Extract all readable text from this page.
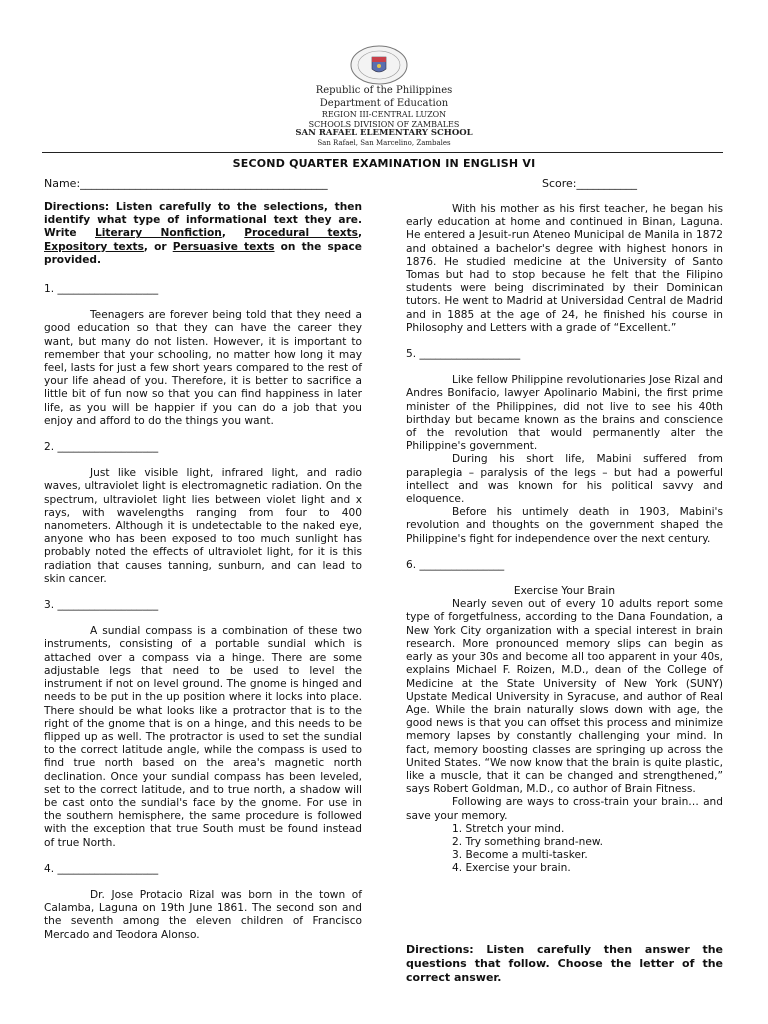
Republic of the Philippines
Department of Education
REGION III-CENTRAL LUZON
SCHOOLS DIVISION OF ZAMBALES
SAN RAFAEL ELEMENTARY SCHOOL
San Rafael, San Marcelino, Zambales
SECOND QUARTER EXAMINATION IN ENGLISH VI
Name:_____________________________________________	Score:___________

Directions: Listen carefully to the selections, then identify what type of informational text they are. Write Literary Nonfiction, Procedural texts, Expository texts, or Persuasive texts on the space provided.

1. ___________________

Teenagers are forever being told that they need a good education so that they can have the career they want, but many do not listen. However, it is important to remember that your schooling, no matter how long it may feel, lasts for just a few short years compared to the rest of your life ahead of you. Therefore, it is better to sacrifice a little bit of fun now so that you can find happiness in later life, as you will be happier if you can do a job that you enjoy and afford to do the things you want.

2. ___________________

Just like visible light, infrared light, and radio waves, ultraviolet light is electromagnetic radiation. On the spectrum, ultraviolet light lies between violet light and x rays, with wavelengths ranging from four to 400 nanometers. Although it is undetectable to the naked eye, anyone who has been exposed to too much sunlight has probably noted the effects of ultraviolet light, for it is this radiation that causes tanning, sunburn, and can lead to skin cancer.

3. ___________________

A sundial compass is a combination of these two instruments, consisting of a portable sundial which is attached over a compass via a hinge. There are some adjustable legs that need to be used to level the instrument if not on level ground. The gnome is hinged and needs to be put in the up position where it locks into place. There should be what looks like a protractor that is to the right of the gnome that is on a hinge, and this needs to be flipped up as well. The protractor is used to set the sundial to the correct latitude angle, while the compass is used to find true north based on the area's magnetic north declination. Once your sundial compass has been leveled, set to the correct latitude, and to true north, a shadow will be cast onto the sundial's face by the gnome. For use in the southern hemisphere, the same procedure is followed with the exception that true South must be found instead of true North.

4. ___________________

Dr. Jose Protacio Rizal was born in the town of Calamba, Laguna on 19th June 1861. The second son and the seventh among the eleven children of Francisco Mercado and Teodora Alonso.

With his mother as his first teacher, he began his early education at home and continued in Binan, Laguna. He entered a Jesuit-run Ateneo Municipal de Manila in 1872 and obtained a bachelor's degree with highest honors in 1876. He studied medicine at the University of Santo Tomas but had to stop because he felt that the Filipino students were being discriminated by their Dominican tutors. He went to Madrid at Universidad Central de Madrid and in 1885 at the age of 24, he finished his course in Philosophy and Letters with a grade of “Excellent.”

5. ___________________

Like fellow Philippine revolutionaries Jose Rizal and Andres Bonifacio, lawyer Apolinario Mabini, the first prime minister of the Philippines, did not live to see his 40th birthday but became known as the brains and conscience of the revolution that would permanently alter the Philippine's government.

During his short life, Mabini suffered from paraplegia – paralysis of the legs – but had a powerful intellect and was known for his political savvy and eloquence.

Before his untimely death in 1903, Mabini's revolution and thoughts on the government shaped the Philippine's fight for independence over the next century.

6. ________________

Exercise Your Brain

Nearly seven out of every 10 adults report some type of forgetfulness, according to the Dana Foundation, a New York City organization with a special interest in brain research. More pronounced memory slips can begin as early as your 30s and become all too apparent in your 40s, explains Michael F. Roizen, M.D., dean of the College of Medicine at the State University of New York (SUNY) Upstate Medical University in Syracuse, and author of Real Age. While the brain naturally slows down with age, the good news is that you can offset this process and minimize memory lapses by constantly challenging your mind. In fact, memory boosting classes are springing up across the United States. “We now know that the brain is quite plastic, like a muscle, that it can be changed and strengthened,” says Robert Goldman, M.D., co author of Brain Fitness.

Following are ways to cross-train your brain… and save your memory.

1. Stretch your mind.

2. Try something brand-new.

3. Become a multi-tasker.

4. Exercise your brain.

Directions: Listen carefully then answer the questions that follow. Choose the letter of the correct answer.
